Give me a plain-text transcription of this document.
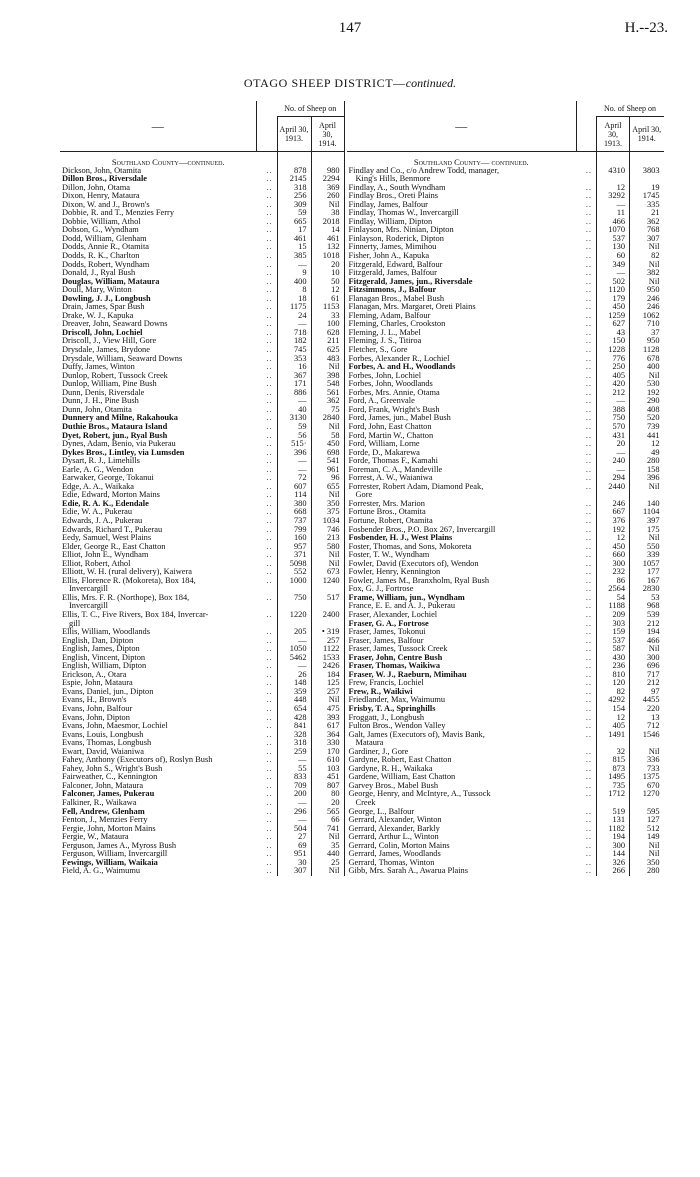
147	H.--23.
OTAGO SHEEP DISTRICT—continued.
—		No. of Sheep on	
		April 30, 1913.	April 30, 1914.
Southland County—continued.			
Dickson, John, Otamita	..	878	980
Dillon Bros., Riversdale	..	2145	2294
Dillon, John, Otama	..	318	369
Dixon, Henry, Mataura	..	256	260
Dixon, W. and J., Brown's	..	309	Nil
Dobbie, R. and T., Menzies Ferry	..	59	38
Dobbie, William, Athol	..	665	2018
Dobson, G., Wyndham	..	17	14
Dodd, William, Glenham	..	461	461
Dodds, Annie R., Otamita	..	15	132
Dodds, R. K., Charlton	..	385	1018
Dodds, Robert, Wyndham	..	—	20
Donald, J., Ryal Bush	..	9	10
Douglas, William, Mataura	..	400	50
Doull, Mary, Winton	..	8	12
Dowling, J. J., Longbush	..	18	61
Drain, James, Spar Bush	..	1175	1153
Drake, W. J., Kapuka	..	24	33
Dreaver, John, Seaward Downs	..	—	100
Driscoll, John, Lochiel	..	718	628
Driscoll, J., View Hill, Gore	..	182	211
Drysdale, James, Brydone	..	745	625
Drysdale, William, Seaward Downs	..	353	483
Duffy, James, Winton	..	16	Nil
Dunlop, Robert, Tussock Creek	..	367	398
Dunlop, William, Pine Bush	..	171	548
Dunn, Denis, Riversdale	..	886	561
Dunn, J. H., Pine Bush	..	—	362
Dunn, John, Otamita	..	40	75
Dunnery and Milne, Rakahouka	..	3130	2840
Duthie Bros., Mataura Island	..	59	Nil
Dyet, Robert, jun., Ryal Bush	..	56	58
Dynes, Adam, Benio, via Pukerau	..	515·	450
Dykes Bros., Lintley, via Lumsden	..	396	698
Dysart, R. J., Limehills	..	—	541
Earle, A. G., Wendon	..	—	961
Earwaker, George, Tokanui	..	72	96
Edge, A. A., Waikaka	..	607	655
Edie, Edward, Morton Mains	..	114	Nil
Edie, R. A. K., Edendale	..	380	350
Edie, W. A., Pukerau	..	668	375
Edwards, J. A., Pukerau	..	737	1034
Edwards, Richard T., Pukerau	..	799	746
Eedy, Samuel, West Plains	..	160	213
Elder, George R., East Chatton	..	957	580
Elliot, John E., Wyndham	..	371	Nil
Elliot, Robert, Athol	..	5098	Nil
Elliott, W. H. (rural delivery), Kaiwera	..	552	673
Ellis, Florence R. (Mokoreta), Box 184,	..	1000	1240
Invercargill			
Ellis, Mrs. F. R. (Northope), Box 184,	..	750	517
Invercargill			
Ellis, T. C., Five Rivers, Box 184, Invercar-	..	1220	2400
gill			
Ellis, William, Woodlands	..	205	• 319
English, Dan, Dipton	..	—	257
English, James, Dipton	..	1050	1122
English, Vincent, Dipton	..	5462	1533
English, William, Dipton	..	—	2426
Erickson, A., Otara	..	26	184
Espie, John, Mataura	..	148	125
Evans, Daniel, jun., Dipton	..	359	257
Evans, H., Brown's	..	448	Nil
Evans, John, Balfour	..	654	475
Evans, John, Dipton	..	428	393
Evans, John, Maesmor, Lochiel	..	841	617
Evans, Louis, Longbush	..	328	364
Evans, Thomas, Longbush	..	318	330
Ewart, David, Waianiwa	..	259	170
Fahey, Anthony (Executors of), Roslyn Bush	..	—	610
Fahey, John S., Wright's Bush	..	55	103
Fairweather, C., Kennington	..	833	451
Falconer, John, Mataura	..	709	807
Falconer, James, Pukerau	..	200	80
Falkiner, R., Waikawa	..	—	20
Fell, Andrew, Glenham	..	296	565
Fenton, J., Menzies Ferry	..	—	66
Fergie, John, Morton Mains	..	504	741
Fergie, W., Mataura	..	27	Nil
Ferguson, James A., Myross Bush	..	69	35
Ferguson, William, Invercargill	..	951	440
Fewings, William, Waikaia	..	30	25
Field, A. G., Waimumu	..	307	Nil
—		No. of Sheep on	
		April 30, 1913.	April 30, 1914.
Southland County— continued.			
Findlay and Co., c/o Andrew Todd, manager,	..	4310	3803
King's Hills, Benmore			
Findlay, A., South Wyndham	..	12	19
Findlay Bros., Oreti Plains	..	3292	1745
Findlay, James, Balfour	..	—	335
Findlay, Thomas W., Invercargill	..	11	21
Findlay, William, Dipton	..	466	362
Finlayson, Mrs. Ninian, Dipton	..	1070	768
Finlayson, Roderick, Dipton	..	537	307
Finnerty, James, Mimihou	..	130	Nil
Fisher, John A., Kapuka	..	60	82
Fitzgerald, Edward, Balfour	..	349	Nil
Fitzgerald, James, Balfour	..	—	382
Fitzgerald, James, jun., Riversdale	..	502	Nil
Fitzsimmons, J., Balfour	..	1120	950
Flanagan Bros., Mabel Bush	..	179	246
Flanagan, Mrs. Margaret, Oreti Plains	..	450	246
Fleming, Adam, Balfour	..	1259	1062
Fleming, Charles, Crookston	..	627	710
Fleming, J. L., Mabel	..	43	37
Fleming, J. S., Titiroa	..	150	950
Fletcher, S., Gore	..	1228	1128
Forbes, Alexander R., Lochiel	..	776	678
Forbes, A. and H., Woodlands	..	250	400
Forbes, John, Lochiel	..	405	Nil
Forbes, John, Woodlands	..	420	530
Forbes, Mrs. Annie, Otama	..	212	192
Ford, A., Greenvale	..	—	290
Ford, Frank, Wright's Bush	..	388	408
Ford, James, jun., Mabel Bush	..	750	520
Ford, John, East Chatton	..	570	739
Ford, Martin W., Chatton	..	431	441
Ford, William, Lorne	..	20	12
Forde, D., Makarewa	..	—	49
Forde, Thomas F., Kamahi	..	240	280
Foreman, C. A., Mandeville	..	—	158
Forrest, A. W., Waianiwa	..	294	396
Forrester, Robert Adam, Diamond Peak,	..	2440	Nil
Gore			
Forrester, Mrs. Marion	..	246	140
Fortune Bros., Otamita	..	667	1104
Fortune, Robert, Otamita	..	376	397
Fosbender Bros., P.O. Box 267, Invercargill	..	192	175
Fosbender, H. J., West Plains	..	12	Nil
Foster, Thomas, and Sons, Mokoreta	..	450	550
Foster, T. W., Wyndham	..	660	339
Fowler, David (Executors of), Wendon	..	300	1057
Fowler, Henry, Kennington	..	232	177
Fowler, James M., Branxholm, Ryal Bush	..	86	167
Fox, G. J., Fortrose	..	2564	2830
Frame, William, jun., Wyndham	..	54	53
France, E. E. and A. J., Pukerau	..	1188	968
Fraser, Alexander, Lochiel	..	209	539
Fraser, G. A., Fortrose	..	303	212
Fraser, James, Tokonui	..	159	194
Fraser, James, Balfour	..	537	466
Fraser, James, Tussock Creek	..	587	Nil
Fraser, John, Centre Bush	..	430	300
Fraser, Thomas, Waikiwa	..	236	696
Fraser, W. J., Raeburn, Mimihau	..	810	717
Frew, Francis, Lochiel	..	120	212
Frew, R., Waikiwi	..	82	97
Friedlander, Max, Waimumu	..	4292	4455
Frisby, T. A., Springhills	..	154	220
Froggatt, J., Longbush	..	12	13
Fulton Bros., Wendon Valley	..	405	712
Galt, James (Executors of), Mavis Bank,	..	1491	1546
Mataura			
Gardiner, J., Gore	..	32	Nil
Gardyne, Robert, East Chatton	..	815	336
Gardyne, R. H., Waikaka	..	873	733
Gardene, William, East Chatton	..	1495	1375
Garvey Bros., Mabel Bush	..	735	670
George, Henry, and McIntyre, A., Tussock	..	1712	1270
Creek			
George, L., Balfour	..	519	595
Gerrard, Alexander, Winton	..	131	127
Gerrard, Alexander, Barkly	..	1182	512
Gerrard, Arthur L., Winton	..	194	149
Gerrard, Colin, Morton Mains	..	300	Nil
Gerrard, James, Woodlands	..	144	Nil
Gerrard, Thomas, Winton	..	326	350
Gibb, Mrs. Sarah A., Awarua Plains	..	266	280
